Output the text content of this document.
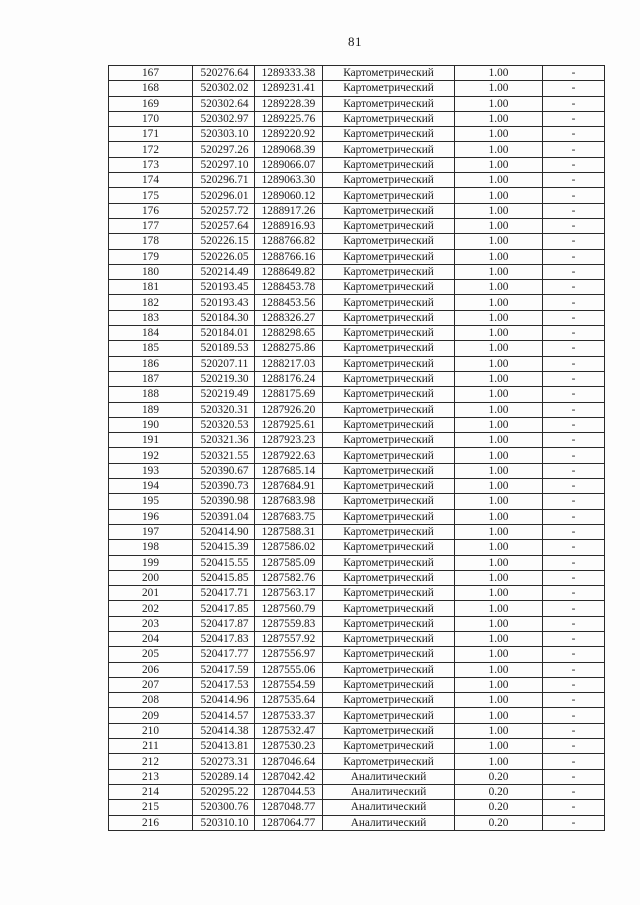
81
167	520276.64	1289333.38	Картометрический	1.00	-
168	520302.02	1289231.41	Картометрический	1.00	-
169	520302.64	1289228.39	Картометрический	1.00	-
170	520302.97	1289225.76	Картометрический	1.00	-
171	520303.10	1289220.92	Картометрический	1.00	-
172	520297.26	1289068.39	Картометрический	1.00	-
173	520297.10	1289066.07	Картометрический	1.00	-
174	520296.71	1289063.30	Картометрический	1.00	-
175	520296.01	1289060.12	Картометрический	1.00	-
176	520257.72	1288917.26	Картометрический	1.00	-
177	520257.64	1288916.93	Картометрический	1.00	-
178	520226.15	1288766.82	Картометрический	1.00	-
179	520226.05	1288766.16	Картометрический	1.00	-
180	520214.49	1288649.82	Картометрический	1.00	-
181	520193.45	1288453.78	Картометрический	1.00	-
182	520193.43	1288453.56	Картометрический	1.00	-
183	520184.30	1288326.27	Картометрический	1.00	-
184	520184.01	1288298.65	Картометрический	1.00	-
185	520189.53	1288275.86	Картометрический	1.00	-
186	520207.11	1288217.03	Картометрический	1.00	-
187	520219.30	1288176.24	Картометрический	1.00	-
188	520219.49	1288175.69	Картометрический	1.00	-
189	520320.31	1287926.20	Картометрический	1.00	-
190	520320.53	1287925.61	Картометрический	1.00	-
191	520321.36	1287923.23	Картометрический	1.00	-
192	520321.55	1287922.63	Картометрический	1.00	-
193	520390.67	1287685.14	Картометрический	1.00	-
194	520390.73	1287684.91	Картометрический	1.00	-
195	520390.98	1287683.98	Картометрический	1.00	-
196	520391.04	1287683.75	Картометрический	1.00	-
197	520414.90	1287588.31	Картометрический	1.00	-
198	520415.39	1287586.02	Картометрический	1.00	-
199	520415.55	1287585.09	Картометрический	1.00	-
200	520415.85	1287582.76	Картометрический	1.00	-
201	520417.71	1287563.17	Картометрический	1.00	-
202	520417.85	1287560.79	Картометрический	1.00	-
203	520417.87	1287559.83	Картометрический	1.00	-
204	520417.83	1287557.92	Картометрический	1.00	-
205	520417.77	1287556.97	Картометрический	1.00	-
206	520417.59	1287555.06	Картометрический	1.00	-
207	520417.53	1287554.59	Картометрический	1.00	-
208	520414.96	1287535.64	Картометрический	1.00	-
209	520414.57	1287533.37	Картометрический	1.00	-
210	520414.38	1287532.47	Картометрический	1.00	-
211	520413.81	1287530.23	Картометрический	1.00	-
212	520273.31	1287046.64	Картометрический	1.00	-
213	520289.14	1287042.42	Аналитический	0.20	-
214	520295.22	1287044.53	Аналитический	0.20	-
215	520300.76	1287048.77	Аналитический	0.20	-
216	520310.10	1287064.77	Аналитический	0.20	-
